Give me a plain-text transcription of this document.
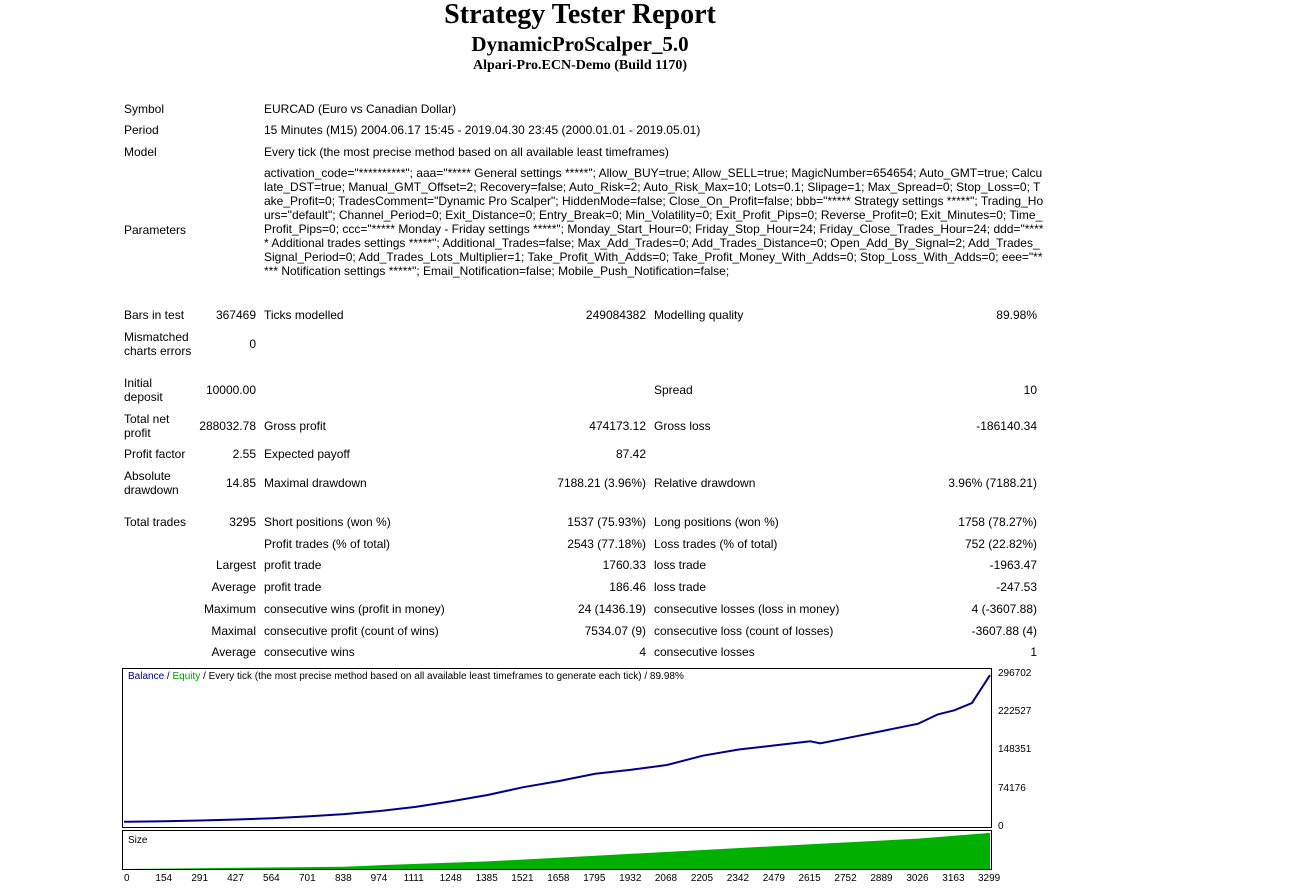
Strategy Tester Report
DynamicProScalper_5.0
Alpari-Pro.ECN-Demo (Build 1170)
Symbol	EURCAD (Euro vs Canadian Dollar)
Period	15 Minutes (M15) 2004.06.17 15:45 - 2019.04.30 23:45 (2000.01.01 - 2019.05.01)
Model	Every tick (the most precise method based on all available least timeframes)
Parameters
activation_code="**********"; aaa="***** General settings *****"; Allow_BUY=true; Allow_SELL=true; MagicNumber=654654; Auto_GMT=true; Calculate_DST=true; Manual_GMT_Offset=2; Recovery=false; Auto_Risk=2; Auto_Risk_Max=10; Lots=0.1; Slipage=1; Max_Spread=0; Stop_Loss=0; Take_Profit=0; TradesComment="Dynamic Pro Scalper"; HiddenMode=false; Close_On_Profit=false; bbb="***** Strategy settings *****"; Trading_Hours="default"; Channel_Period=0; Exit_Distance=0; Entry_Break=0; Min_Volatility=0; Exit_Profit_Pips=0; Reverse_Profit=0; Exit_Minutes=0; Time_Profit_Pips=0; ccc="***** Monday - Friday settings *****"; Monday_Start_Hour=0; Friday_Stop_Hour=24; Friday_Close_Trades_Hour=24; ddd="***** Additional trades settings *****"; Additional_Trades=false; Max_Add_Trades=0; Add_Trades_Distance=0; Open_Add_By_Signal=2; Add_Trades_Signal_Period=0; Add_Trades_Lots_Multiplier=1; Take_Profit_With_Adds=0; Take_Profit_Money_With_Adds=0; Stop_Loss_With_Adds=0; eee="***** Notification settings *****"; Email_Notification=false; Mobile_Push_Notification=false;
Bars in test	367469 Ticks modelled	249084382 Modelling quality	89.98%
Mismatched
charts errors	0
Initial
deposit	10000.00	Spread	10
Total net
profit	288032.78 Gross profit	474173.12 Gross loss	-186140.34
Profit factor	2.55 Expected payoff	87.42
Absolute
drawdown	14.85 Maximal drawdown	7188.21 (3.96%) Relative drawdown	3.96% (7188.21)
Total trades	3295 Short positions (won %)	1537 (75.93%) Long positions (won %)	1758 (78.27%)
Profit trades (% of total)	2543 (77.18%) Loss trades (% of total)	752 (22.82%)
Largest profit trade	1760.33 loss trade	-1963.47
Average profit trade	186.46 loss trade	-247.53
Maximum consecutive wins (profit in money)	24 (1436.19) consecutive losses (loss in money)	4 (-3607.88)
Maximal consecutive profit (count of wins)	7534.07 (9) consecutive loss (count of losses)	-3607.88 (4)
Average consecutive wins	4 consecutive losses	1
Balance / Equity / Every tick (the most precise method based on all available least timeframes to generate each tick) / 89.98%
Size
296702
222527
148351
74176
0
0	154 291 427 564 701 838 974 1111 1248 1385 1521 1658 1795 1932 2068 2205 2342 2479 2615 2752 2889 3026 3163 3299
